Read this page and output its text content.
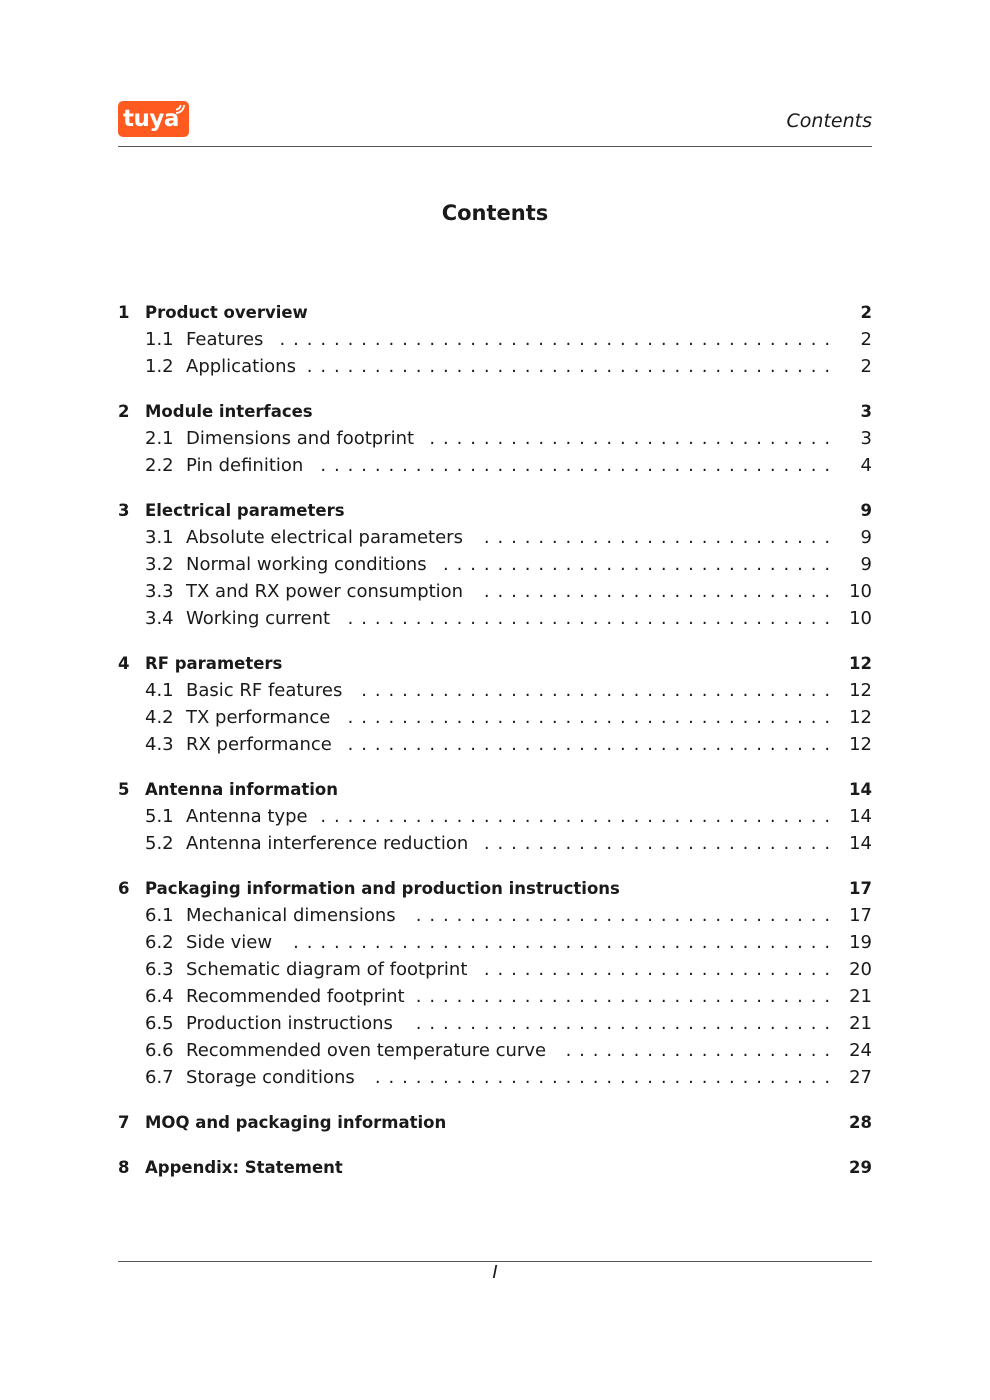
tuya	Contents
Contents
1 Product overview	2
1.1 Features ......................................... 2
1.2 Applications ....................................... 2
2 Module interfaces	3
2.1 Dimensions and footprint .............................. 3
2.2 Pin definition ...................................... 4
3 Electrical parameters	9
3.1 Absolute electrical parameters	.......................... 9
3.2 Normal working conditions ............................. 9
3.3 TX and RX power consumption	.......................... 10
3.4 Working current .................................... 10
4 RF parameters	12
4.1 Basic RF features	................................... 12
4.2 TX performance .................................... 12
4.3 RX performance .................................... 12
5 Antenna information	14
5.1 Antenna type ...................................... 14
5.2 Antenna interference reduction .......................... 14
6 Packaging information and production instructions	17
6.1 Mechanical dimensions	............................... 17
6.2 Side view	........................................ 19
6.3 Schematic diagram of footprint .......................... 20
6.4 Recommended footprint ............................... 21
6.5 Production instructions	............................... 21
6.6 Recommended oven temperature curve	.................... 24
6.7 Storage conditions	.................................. 27
7 MOQ and packaging information	28
8 Appendix: Statement	29
I
